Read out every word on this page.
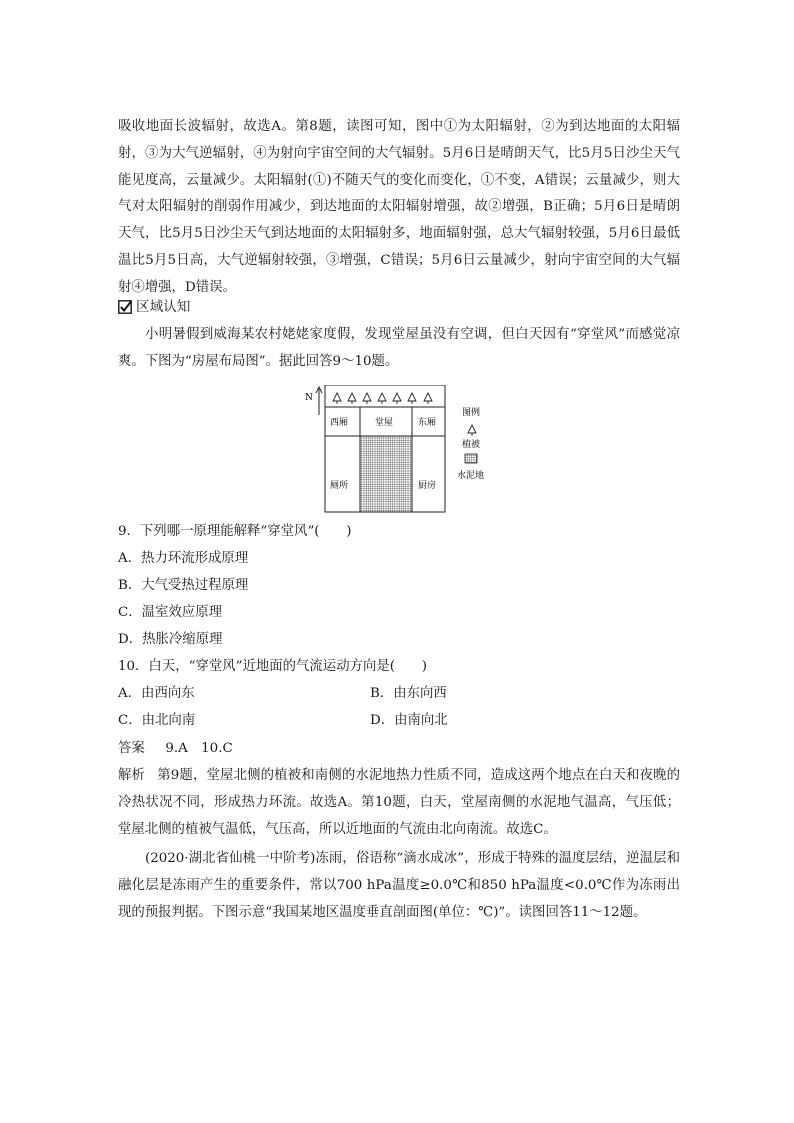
吸收地面长波辐射，故选A。第8题，读图可知，图中①为太阳辐射，②为到达地面的太阳辐射，③为大气逆辐射，④为射向宇宙空间的大气辐射。5月6日是晴朗天气，比5月5日沙尘天气能见度高，云量减少。太阳辐射(①)不随天气的变化而变化，①不变，A错误；云量减少，则大气对太阳辐射的削弱作用减少，到达地面的太阳辐射增强，故②增强，B正确；5月6日是晴朗天气，比5月5日沙尘天气到达地面的太阳辐射多，地面辐射强，总大气辐射较强，5月6日最低温比5月5日高，大气逆辐射较强，③增强，C错误；5月6日云量减少，射向宇宙空间的大气辐射④增强，D错误。

区域认知

小明暑假到威海某农村姥姥家度假，发现堂屋虽没有空调，但白天因有“穿堂风”而感觉凉爽。下图为“房屋布局图”。据此回答9～10题。

N
西厢	堂屋	东厢
厕所	厨房
图例
植被
水泥地
9．下列哪一原理能解释“穿堂风”(　　)
A．热力环流形成原理
B．大气受热过程原理
C．温室效应原理
D．热胀冷缩原理
10．白天，“穿堂风”近地面的气流运动方向是(　　)
A．由西向东	B．由东向西
C．由北向南	D．由南向北
答案 9.A　10.C

解析 第9题，堂屋北侧的植被和南侧的水泥地热力性质不同，造成这两个地点在白天和夜晚的冷热状况不同，形成热力环流。故选A。第10题，白天，堂屋南侧的水泥地气温高，气压低；堂屋北侧的植被气温低，气压高，所以近地面的气流由北向南流。故选C。

(2020·湖北省仙桃一中阶考)冻雨，俗语称“滴水成冰”，形成于特殊的温度层结，逆温层和融化层是冻雨产生的重要条件，常以700 hPa温度≥0.0℃和850 hPa温度<0.0℃作为冻雨出现的预报判据。下图示意“我国某地区温度垂直剖面图(单位：℃)”。读图回答11～12题。
